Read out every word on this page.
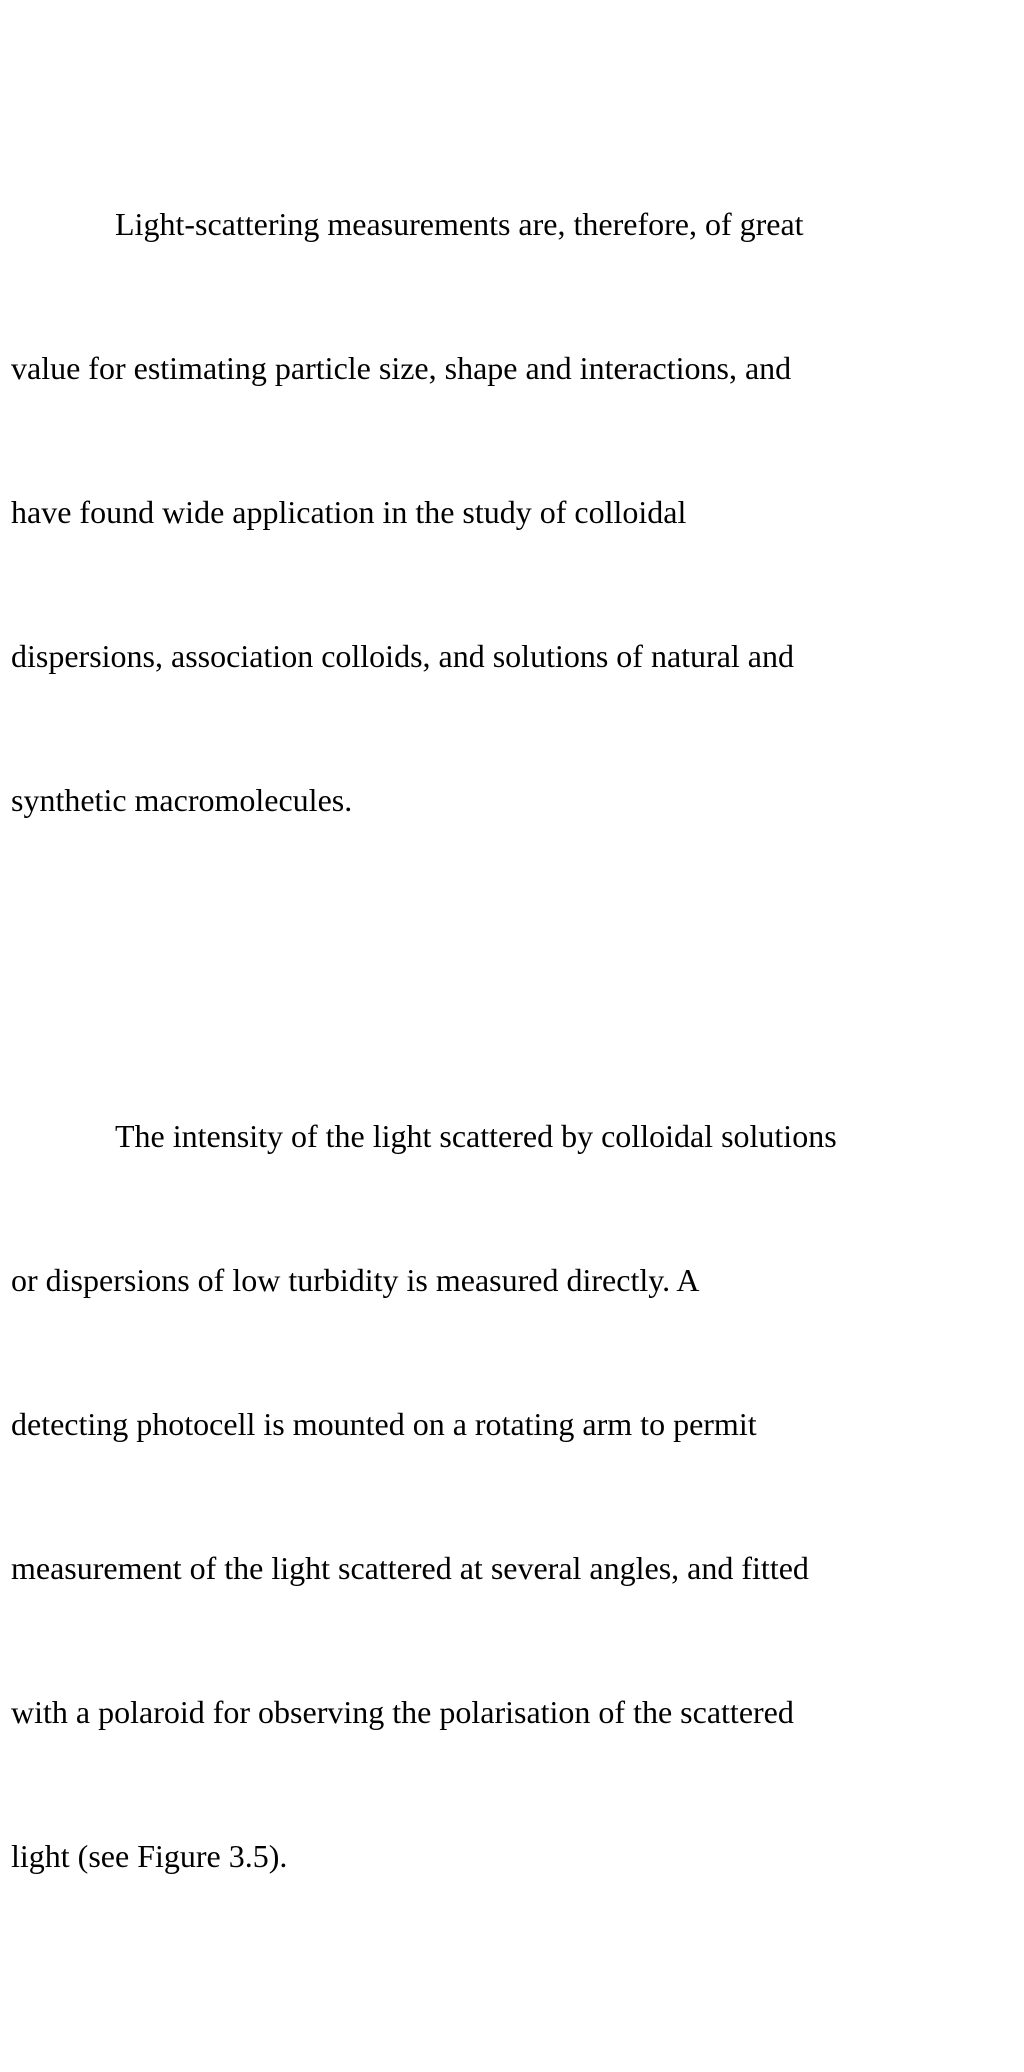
Light-scattering measurements are, therefore, of great

value for estimating particle size, shape and interactions, and

have found wide application in the study of colloidal

dispersions, association colloids, and solutions of natural and

synthetic macromolecules.

The intensity of the light scattered by colloidal solutions

or dispersions of low turbidity is measured directly. A

detecting photocell is mounted on a rotating arm to permit

measurement of the light scattered at several angles, and fitted

with a polaroid for observing the polarisation of the scattered

light (see Figure 3.5).
